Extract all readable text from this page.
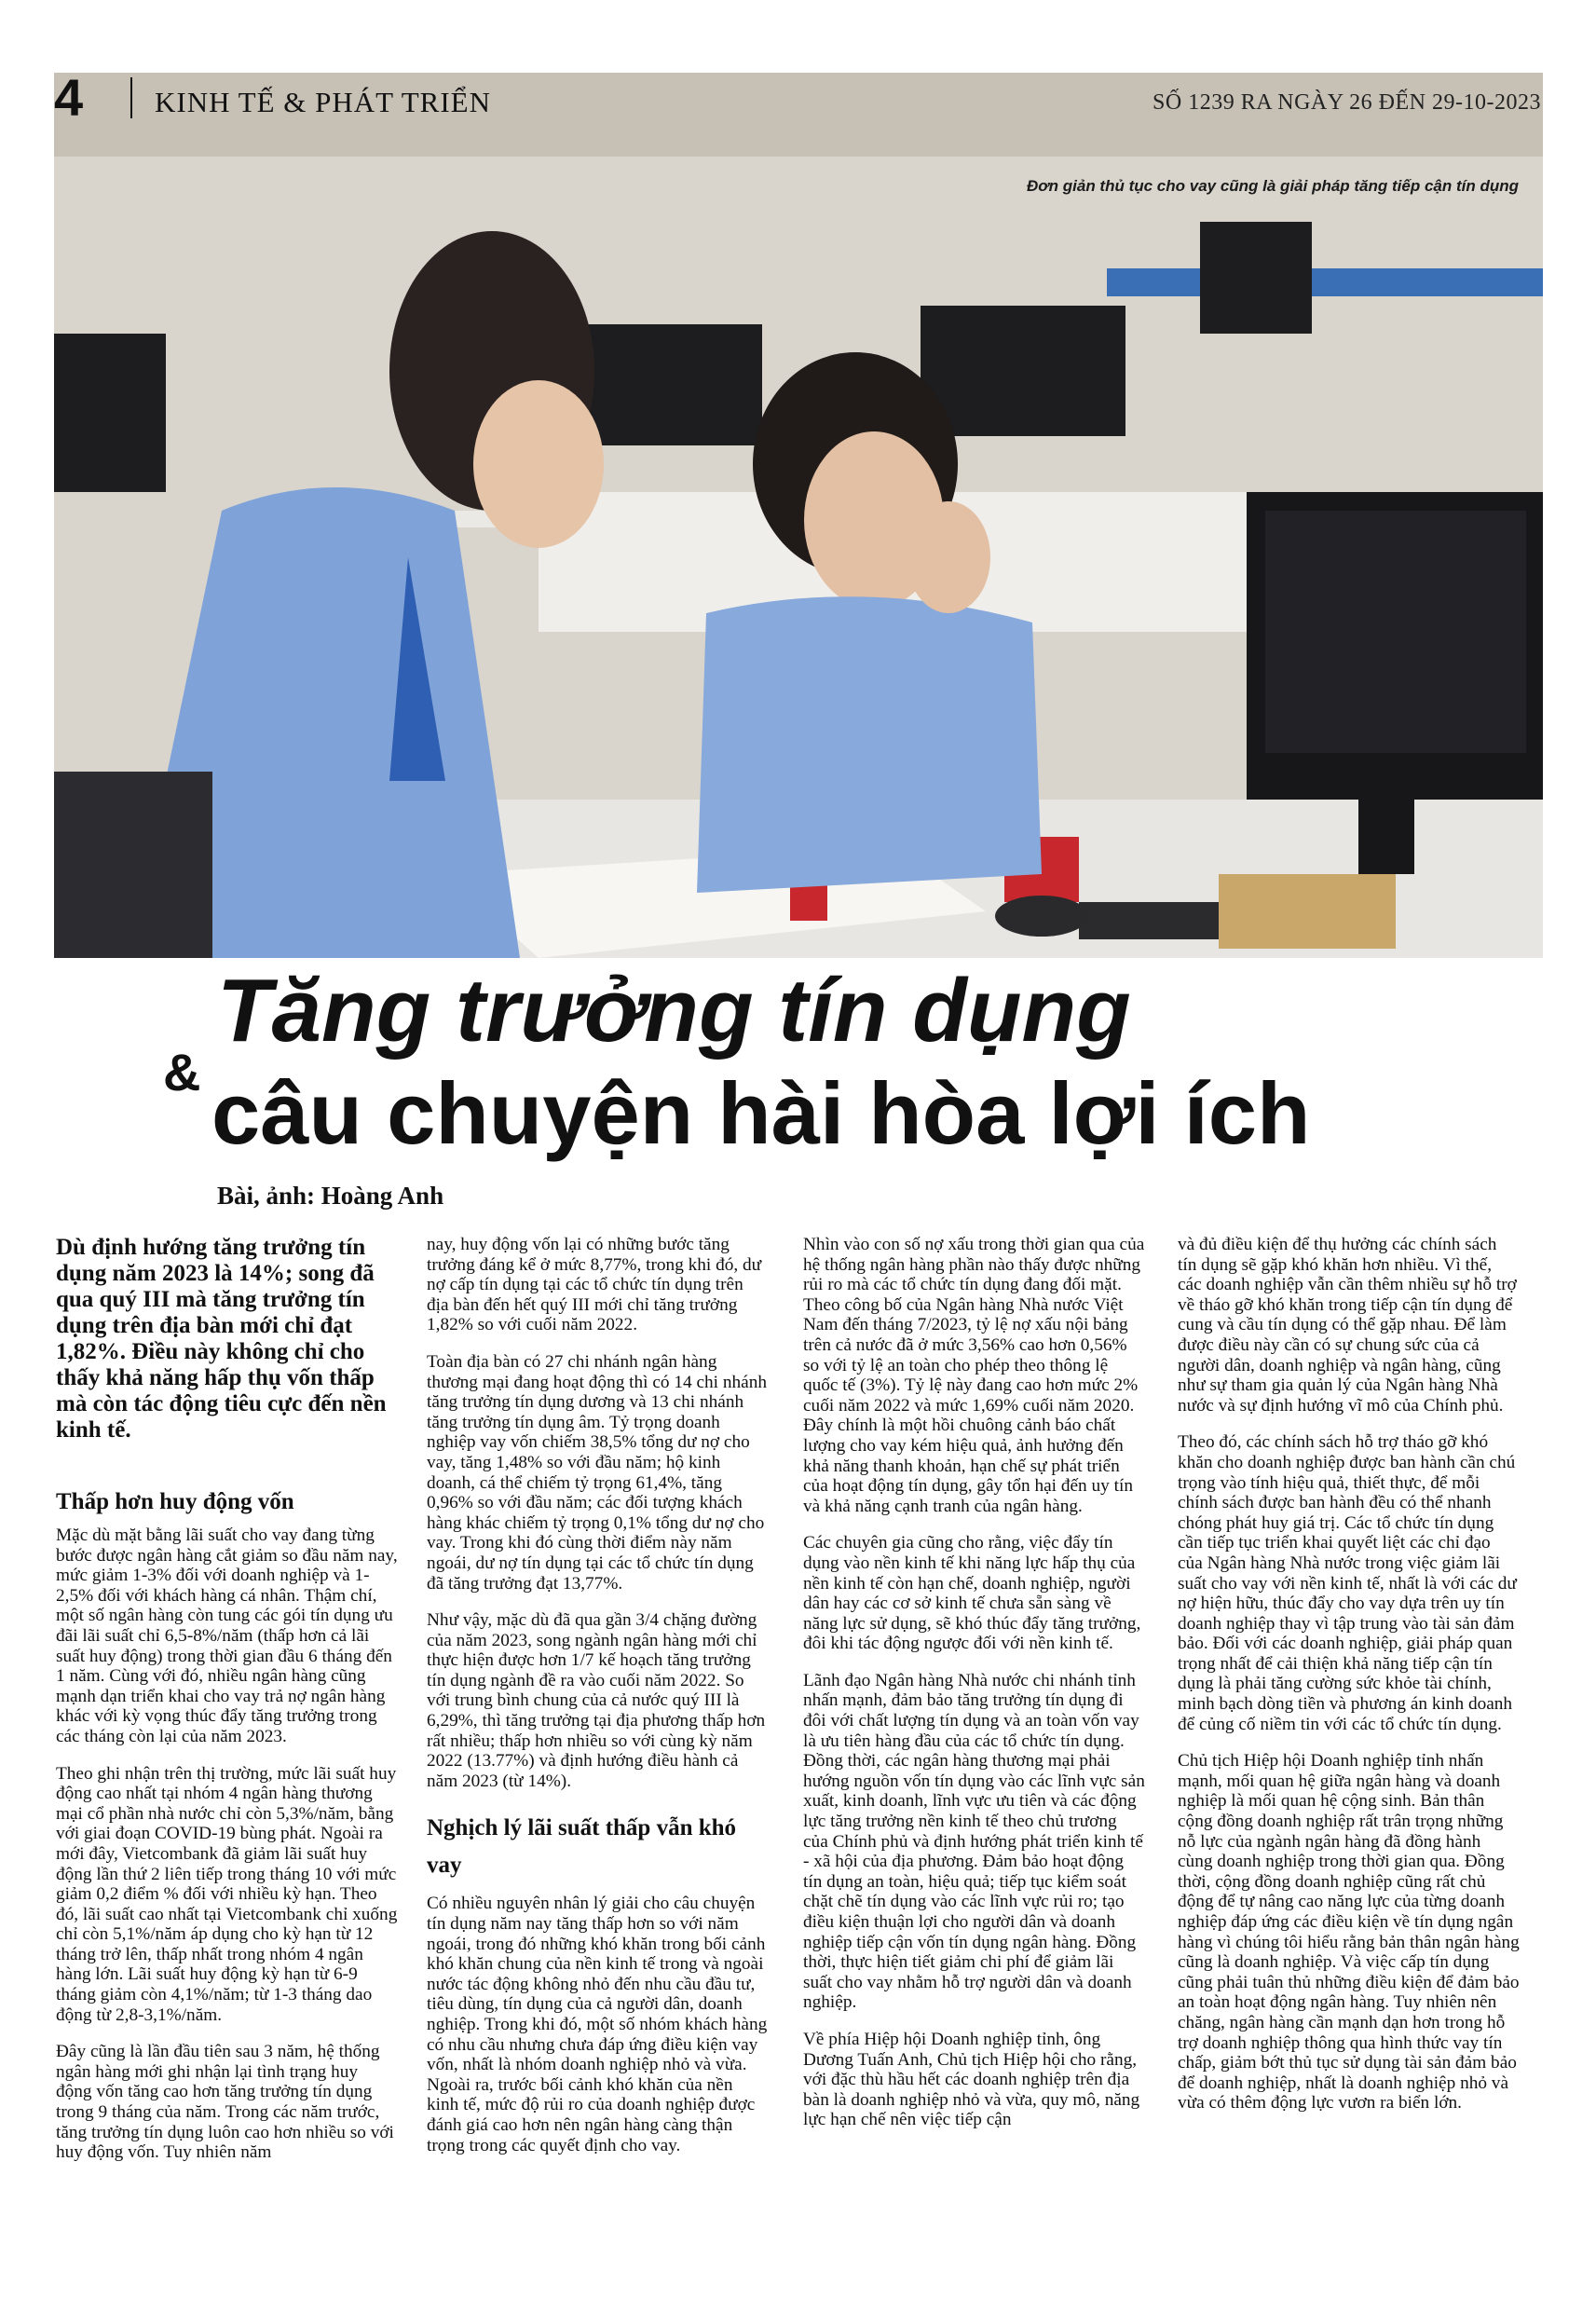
Đơn giản thủ tục cho vay cũng là giải pháp tăng tiếp cận tín dụng
4 KINH TẾ & PHÁT TRIỂN	SỐ 1239 RA NGÀY 26 ĐẾN 29-10-2023
Tăng trưởng tín dụng
& câu chuyện hài hòa lợi ích
Bài, ảnh: Hoàng Anh

Dù định hướng tăng trưởng tín dụng năm 2023 là 14%; song đã qua quý III mà tăng trưởng tín dụng trên địa bàn mới chỉ đạt 1,82%. Điều này không chỉ cho thấy khả năng hấp thụ vốn thấp mà còn tác động tiêu cực đến nền kinh tế.

Thấp hơn huy động vốn

Mặc dù mặt bằng lãi suất cho vay đang từng bước được ngân hàng cắt giảm so đầu năm nay, mức giảm 1-3% đối với doanh nghiệp và 1-2,5% đối với khách hàng cá nhân. Thậm chí, một số ngân hàng còn tung các gói tín dụng ưu đãi lãi suất chỉ 6,5-8%/năm (thấp hơn cả lãi suất huy động) trong thời gian đầu 6 tháng đến 1 năm. Cùng với đó, nhiều ngân hàng cũng mạnh dạn triển khai cho vay trả nợ ngân hàng khác với kỳ vọng thúc đẩy tăng trưởng trong các tháng còn lại của năm 2023.

Theo ghi nhận trên thị trường, mức lãi suất huy động cao nhất tại nhóm 4 ngân hàng thương mại cổ phần nhà nước chỉ còn 5,3%/năm, bằng với giai đoạn COVID-19 bùng phát. Ngoài ra mới đây, Vietcombank đã giảm lãi suất huy động lần thứ 2 liên tiếp trong tháng 10 với mức giảm 0,2 điểm % đối với nhiều kỳ hạn. Theo đó, lãi suất cao nhất tại Vietcombank chỉ xuống chỉ còn 5,1%/năm áp dụng cho kỳ hạn từ 12 tháng trở lên, thấp nhất trong nhóm 4 ngân hàng lớn. Lãi suất huy động kỳ hạn từ 6-9 tháng giảm còn 4,1%/năm; từ 1-3 tháng dao động từ 2,8-3,1%/năm.

Đây cũng là lần đầu tiên sau 3 năm, hệ thống ngân hàng mới ghi nhận lại tình trạng huy động vốn tăng cao hơn tăng trưởng tín dụng trong 9 tháng của năm. Trong các năm trước, tăng trưởng tín dụng luôn cao hơn nhiều so với huy động vốn. Tuy nhiên năm

nay, huy động vốn lại có những bước tăng trưởng đáng kể ở mức 8,77%, trong khi đó, dư nợ cấp tín dụng tại các tổ chức tín dụng trên địa bàn đến hết quý III mới chỉ tăng trưởng 1,82% so với cuối năm 2022.

Toàn địa bàn có 27 chi nhánh ngân hàng thương mại đang hoạt động thì có 14 chi nhánh tăng trưởng tín dụng dương và 13 chi nhánh tăng trưởng tín dụng âm. Tỷ trọng doanh nghiệp vay vốn chiếm 38,5% tổng dư nợ cho vay, tăng 1,48% so với đầu năm; hộ kinh doanh, cá thể chiếm tỷ trọng 61,4%, tăng 0,96% so với đầu năm; các đối tượng khách hàng khác chiếm tỷ trọng 0,1% tổng dư nợ cho vay. Trong khi đó cùng thời điểm này năm ngoái, dư nợ tín dụng tại các tổ chức tín dụng đã tăng trưởng đạt 13,77%.

Như vậy, mặc dù đã qua gần 3/4 chặng đường của năm 2023, song ngành ngân hàng mới chỉ thực hiện được hơn 1/7 kế hoạch tăng trưởng tín dụng ngành đề ra vào cuối năm 2022. So với trung bình chung của cả nước quý III là 6,29%, thì tăng trưởng tại địa phương thấp hơn rất nhiều; thấp hơn nhiều so với cùng kỳ năm 2022 (13.77%) và định hướng điều hành cả năm 2023 (từ 14%).

Nghịch lý lãi suất thấp vẫn khó vay

Có nhiều nguyên nhân lý giải cho câu chuyện tín dụng năm nay tăng thấp hơn so với năm ngoái, trong đó những khó khăn trong bối cảnh khó khăn chung của nền kinh tế trong và ngoài nước tác động không nhỏ đến nhu cầu đầu tư, tiêu dùng, tín dụng của cả người dân, doanh nghiệp. Trong khi đó, một số nhóm khách hàng có nhu cầu nhưng chưa đáp ứng điều kiện vay vốn, nhất là nhóm doanh nghiệp nhỏ và vừa. Ngoài ra, trước bối cảnh khó khăn của nền kinh tế, mức độ rủi ro của doanh nghiệp được đánh giá cao hơn nên ngân hàng càng thận trọng trong các quyết định cho vay.

Nhìn vào con số nợ xấu trong thời gian qua của hệ thống ngân hàng phần nào thấy được những rủi ro mà các tổ chức tín dụng đang đối mặt. Theo công bố của Ngân hàng Nhà nước Việt Nam đến tháng 7/2023, tỷ lệ nợ xấu nội bảng trên cả nước đã ở mức 3,56% cao hơn 0,56% so với tỷ lệ an toàn cho phép theo thông lệ quốc tế (3%). Tỷ lệ này đang cao hơn mức 2% cuối năm 2022 và mức 1,69% cuối năm 2020. Đây chính là một hồi chuông cảnh báo chất lượng cho vay kém hiệu quả, ảnh hưởng đến khả năng thanh khoản, hạn chế sự phát triển của hoạt động tín dụng, gây tổn hại đến uy tín và khả năng cạnh tranh của ngân hàng.

Các chuyên gia cũng cho rằng, việc đẩy tín dụng vào nền kinh tế khi năng lực hấp thụ của nền kinh tế còn hạn chế, doanh nghiệp, người dân hay các cơ sở kinh tế chưa sẵn sàng về năng lực sử dụng, sẽ khó thúc đẩy tăng trưởng, đôi khi tác động ngược đối với nền kinh tế.

Lãnh đạo Ngân hàng Nhà nước chi nhánh tỉnh nhấn mạnh, đảm bảo tăng trưởng tín dụng đi đôi với chất lượng tín dụng và an toàn vốn vay là ưu tiên hàng đầu của các tổ chức tín dụng. Đồng thời, các ngân hàng thương mại phải hướng nguồn vốn tín dụng vào các lĩnh vực sản xuất, kinh doanh, lĩnh vực ưu tiên và các động lực tăng trưởng nền kinh tế theo chủ trương của Chính phủ và định hướng phát triển kinh tế - xã hội của địa phương. Đảm bảo hoạt động tín dụng an toàn, hiệu quả; tiếp tục kiểm soát chặt chẽ tín dụng vào các lĩnh vực rủi ro; tạo điều kiện thuận lợi cho người dân và doanh nghiệp tiếp cận vốn tín dụng ngân hàng. Đồng thời, thực hiện tiết giảm chi phí để giảm lãi suất cho vay nhằm hỗ trợ người dân và doanh nghiệp.

Về phía Hiệp hội Doanh nghiệp tỉnh, ông Dương Tuấn Anh, Chủ tịch Hiệp hội cho rằng, với đặc thù hầu hết các doanh nghiệp trên địa bàn là doanh nghiệp nhỏ và vừa, quy mô, năng lực hạn chế nên việc tiếp cận

và đủ điều kiện để thụ hưởng các chính sách tín dụng sẽ gặp khó khăn hơn nhiều. Vì thế, các doanh nghiệp vẫn cần thêm nhiều sự hỗ trợ về tháo gỡ khó khăn trong tiếp cận tín dụng để cung và cầu tín dụng có thể gặp nhau. Để làm được điều này cần có sự chung sức của cả người dân, doanh nghiệp và ngân hàng, cũng như sự tham gia quản lý của Ngân hàng Nhà nước và sự định hướng vĩ mô của Chính phủ.

Theo đó, các chính sách hỗ trợ tháo gỡ khó khăn cho doanh nghiệp được ban hành cần chú trọng vào tính hiệu quả, thiết thực, để mỗi chính sách được ban hành đều có thể nhanh chóng phát huy giá trị. Các tổ chức tín dụng cần tiếp tục triển khai quyết liệt các chỉ đạo của Ngân hàng Nhà nước trong việc giảm lãi suất cho vay với nền kinh tế, nhất là với các dư nợ hiện hữu, thúc đẩy cho vay dựa trên uy tín doanh nghiệp thay vì tập trung vào tài sản đảm bảo. Đối với các doanh nghiệp, giải pháp quan trọng nhất để cải thiện khả năng tiếp cận tín dụng là phải tăng cường sức khỏe tài chính, minh bạch dòng tiền và phương án kinh doanh để củng cố niềm tin với các tổ chức tín dụng.

Chủ tịch Hiệp hội Doanh nghiệp tỉnh nhấn mạnh, mối quan hệ giữa ngân hàng và doanh nghiệp là mối quan hệ cộng sinh. Bản thân cộng đồng doanh nghiệp rất trân trọng những nỗ lực của ngành ngân hàng đã đồng hành cùng doanh nghiệp trong thời gian qua. Đồng thời, cộng đồng doanh nghiệp cũng rất chủ động để tự nâng cao năng lực của từng doanh nghiệp đáp ứng các điều kiện về tín dụng ngân hàng vì chúng tôi hiểu rằng bản thân ngân hàng cũng là doanh nghiệp. Và việc cấp tín dụng cũng phải tuân thủ những điều kiện để đảm bảo an toàn hoạt động ngân hàng. Tuy nhiên nên chăng, ngân hàng cần mạnh dạn hơn trong hỗ trợ doanh nghiệp thông qua hình thức vay tín chấp, giảm bớt thủ tục sử dụng tài sản đảm bảo để doanh nghiệp, nhất là doanh nghiệp nhỏ và vừa có thêm động lực vươn ra biển lớn.
